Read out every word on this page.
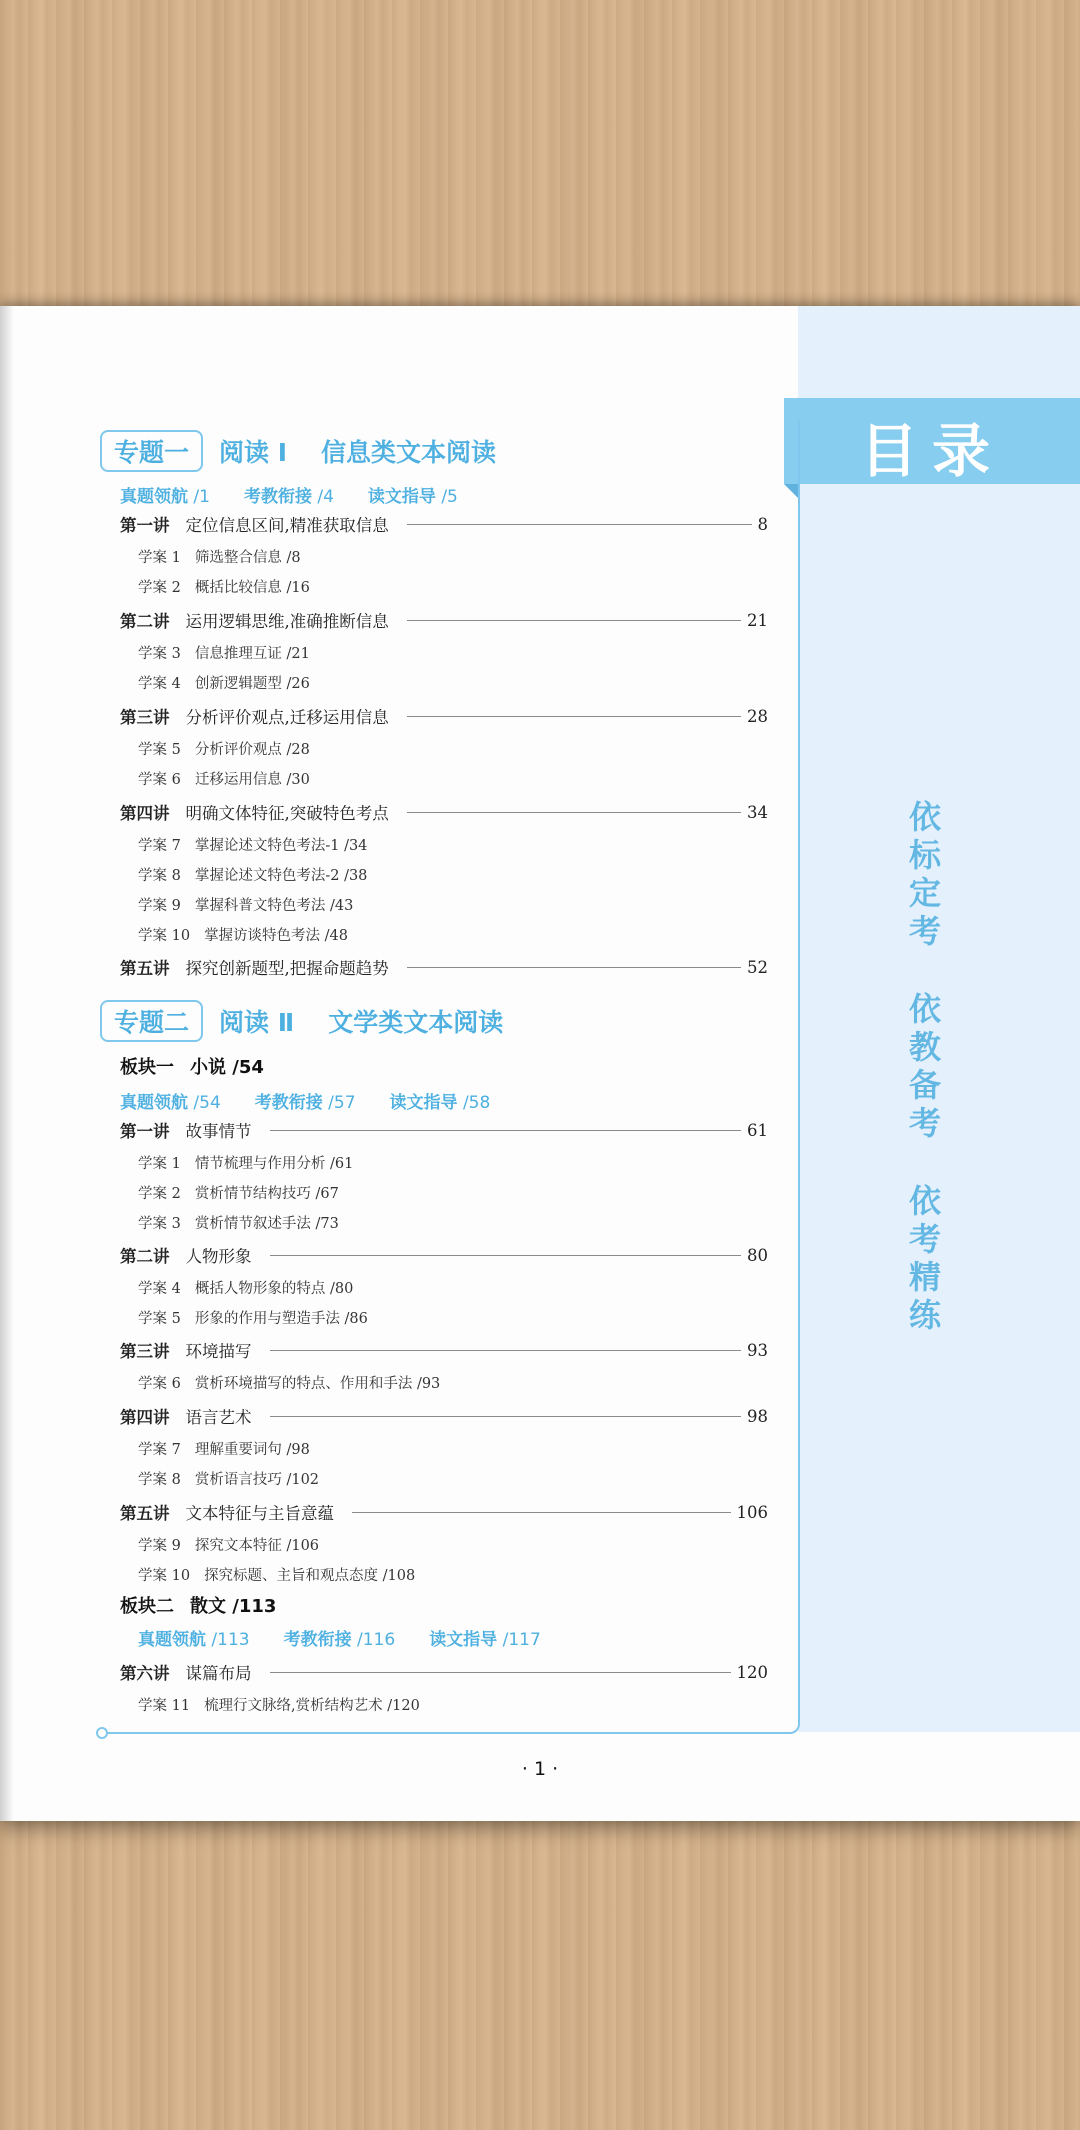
目录
依
标
定
考
依
教
备
考
依
考
精
练
专题一	阅读 Ⅰ 信息类文本阅读
真题领航 /1 考教衔接 /4 读文指导 /5
第一讲 定位信息区间,精准获取信息	8
学案 1 筛选整合信息 /8
学案 2 概括比较信息 /16
第二讲 运用逻辑思维,准确推断信息	21
学案 3 信息推理互证 /21
学案 4 创新逻辑题型 /26
第三讲 分析评价观点,迁移运用信息	28
学案 5 分析评价观点 /28
学案 6 迁移运用信息 /30
第四讲 明确文体特征,突破特色考点	34
学案 7 掌握论述文特色考法-1 /34
学案 8 掌握论述文特色考法-2 /38
学案 9 掌握科普文特色考法 /43
学案 10 掌握访谈特色考法 /48
第五讲 探究创新题型,把握命题趋势	52
专题二	阅读 Ⅱ 文学类文本阅读
板块一 小说 /54
真题领航 /54 考教衔接 /57 读文指导 /58
第一讲 故事情节	61
学案 1 情节梳理与作用分析 /61
学案 2 赏析情节结构技巧 /67
学案 3 赏析情节叙述手法 /73
第二讲 人物形象	80
学案 4 概括人物形象的特点 /80
学案 5 形象的作用与塑造手法 /86
第三讲 环境描写	93
学案 6 赏析环境描写的特点、作用和手法 /93
第四讲 语言艺术	98
学案 7 理解重要词句 /98
学案 8 赏析语言技巧 /102
第五讲 文本特征与主旨意蕴	106
学案 9 探究文本特征 /106
学案 10 探究标题、主旨和观点态度 /108
板块二 散文 /113
真题领航 /113 考教衔接 /116 读文指导 /117
第六讲 谋篇布局	120
学案 11 梳理行文脉络,赏析结构艺术 /120
· 1 ·
